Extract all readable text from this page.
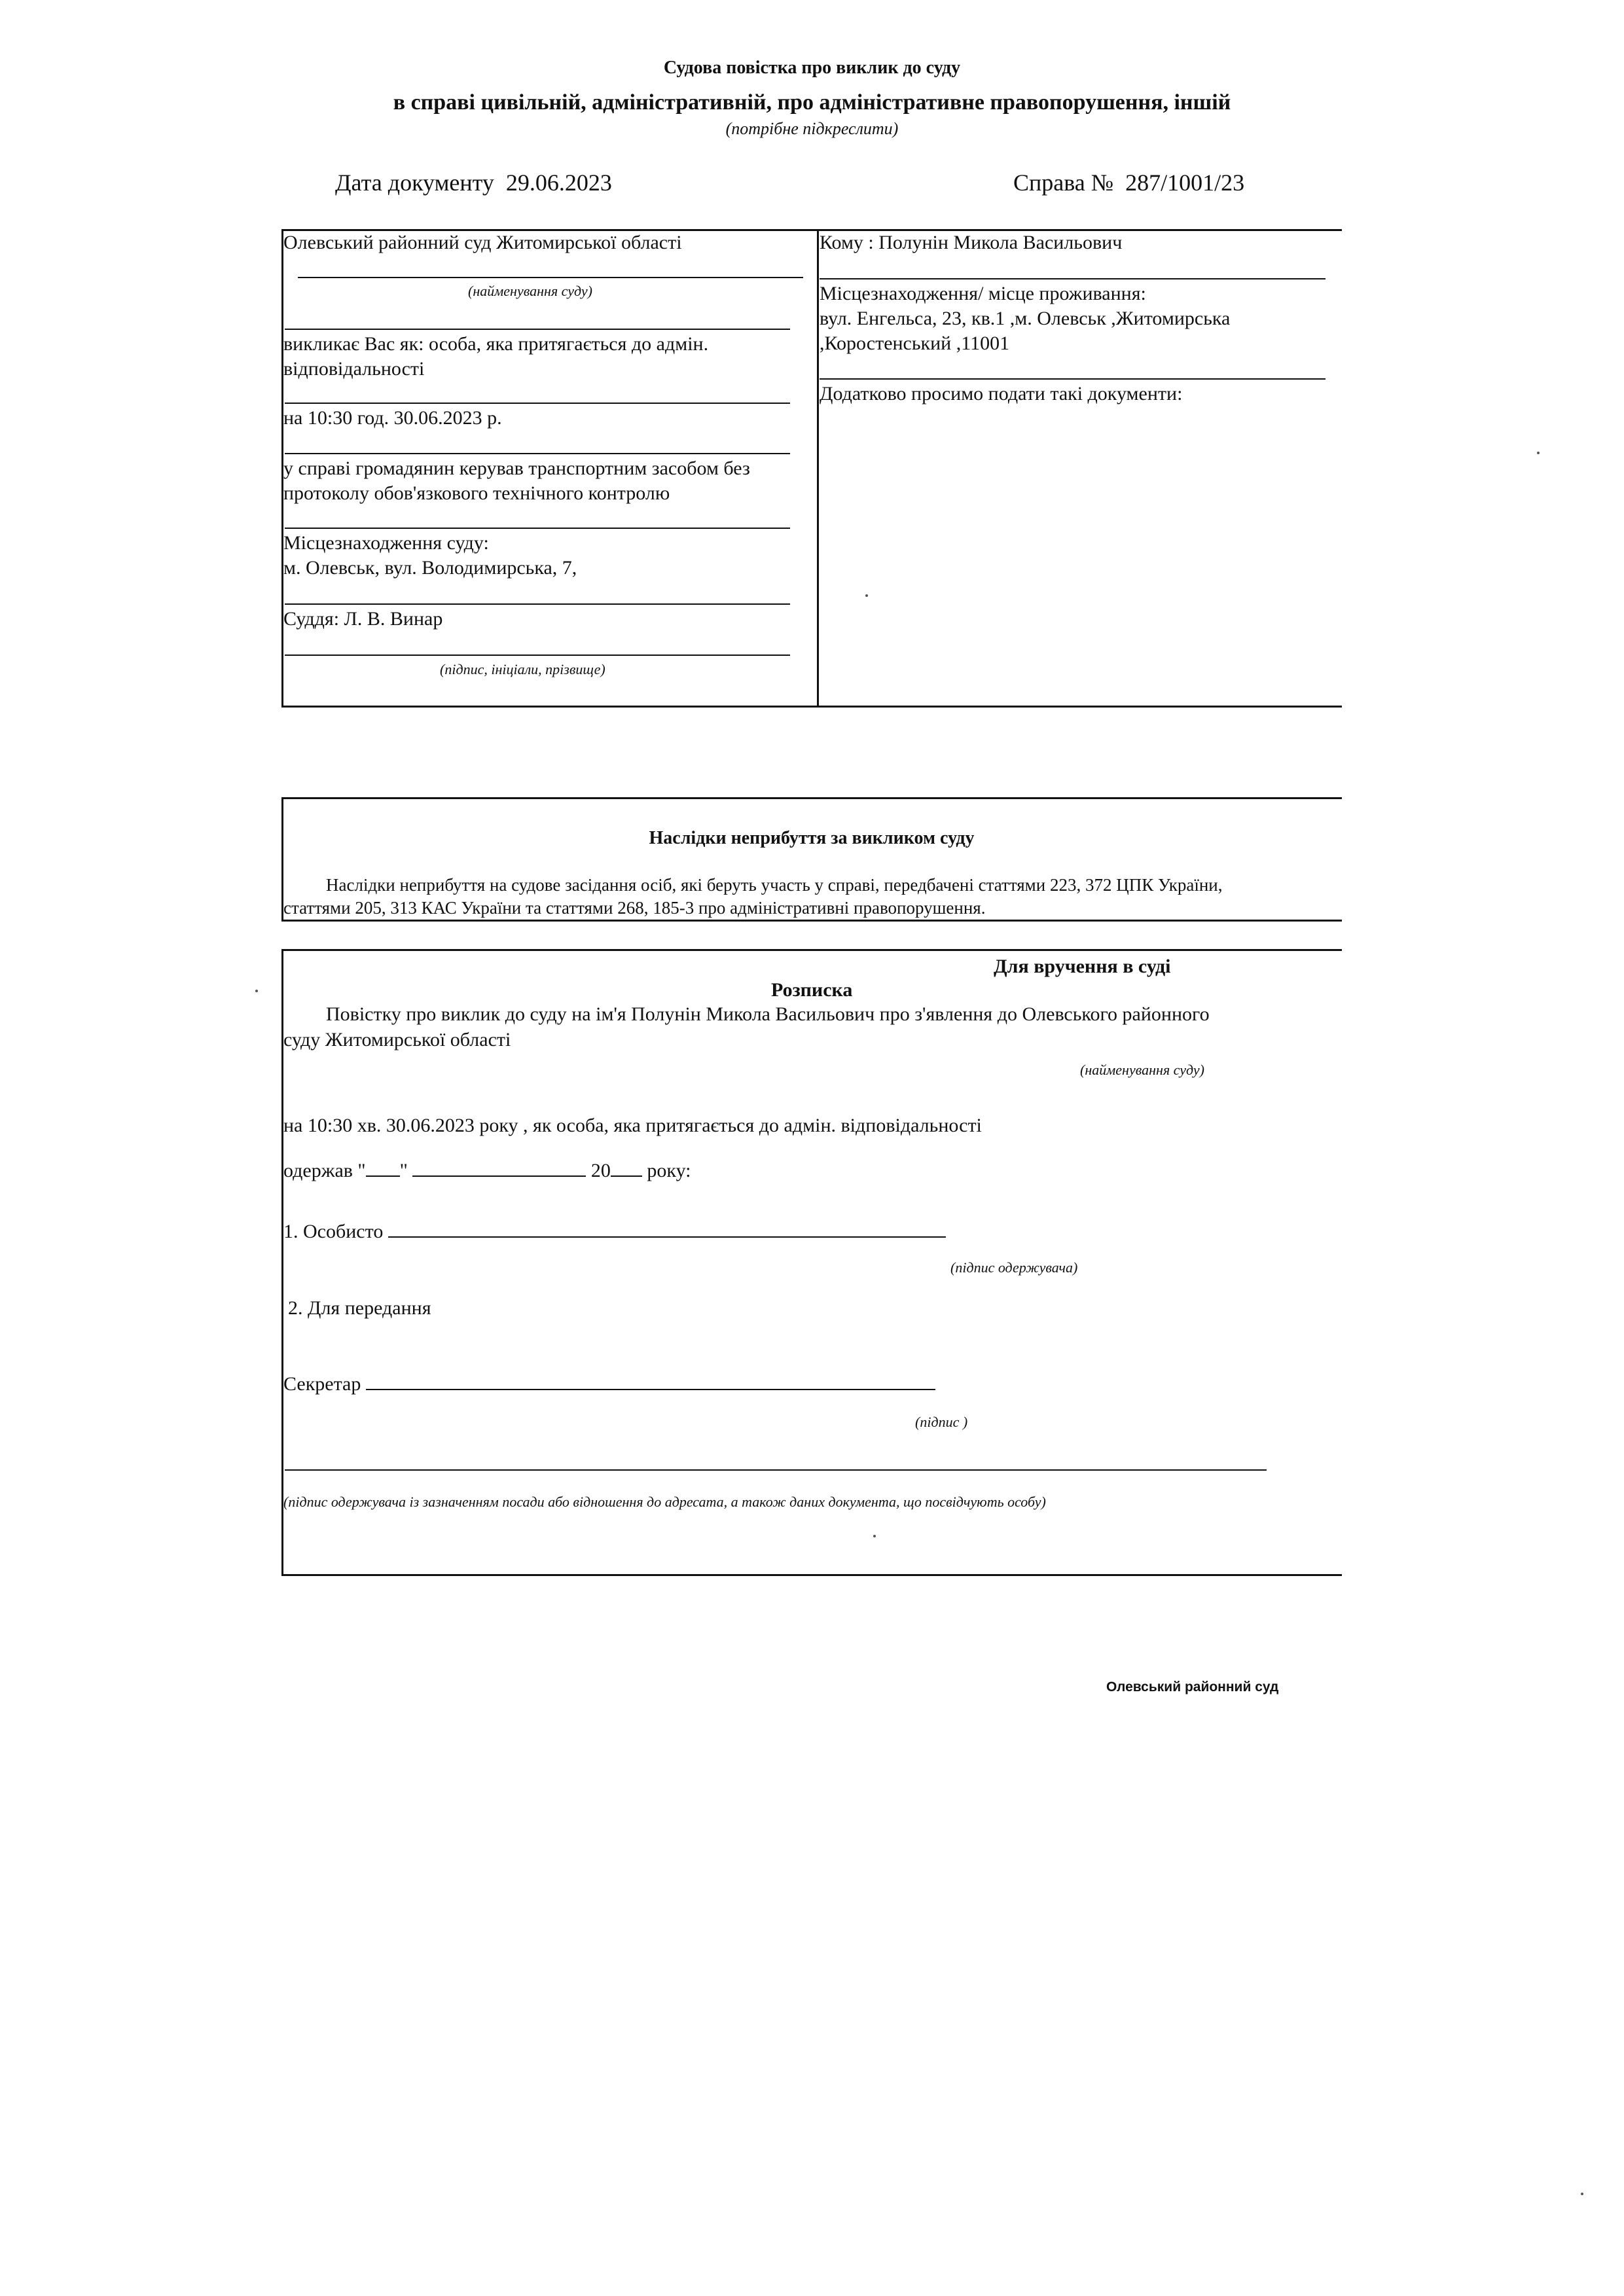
Судова повістка про виклик до суду
в справі цивільній, адміністративній, про адміністративне правопорушення, іншій
(потрібне підкреслити)
Дата документу 29.06.2023	Справа № 287/1001/23
Олевський районний суд Житомирської області
(найменування суду)
викликає Вас як: особа, яка притягається до адмін.
відповідальності
на 10:30 год. 30.06.2023 р.
у справі громадянин керував транспортним засобом без
протоколу обов'язкового технічного контролю
Місцезнаходження суду:
м. Олевськ, вул. Володимирська, 7,
Суддя: Л. В. Винар
(підпис, ініціали, прізвище)
Кому : Полунін Микола Васильович
Місцезнаходження/ місце проживання:
вул. Енгельса, 23, кв.1 ,м. Олевськ ,Житомирська
,Коростенський ,11001
Додатково просимо подати такі документи:
Наслідки неприбуття за викликом суду
Наслідки неприбуття на судове засідання осіб, які беруть участь у справі, передбачені статтями 223, 372 ЦПК України,
статтями 205, 313 КАС України та статтями 268, 185-3 про адміністративні правопорушення.
Для вручення в суді
Розписка
Повістку про виклик до суду на ім'я Полунін Микола Васильович про з'явлення до Олевського районного
суду Житомирської області
(найменування суду)
на 10:30 хв. 30.06.2023 року , як особа, яка притягається до адмін. відповідальності
одержав " "	20 року:
1. Особисто
(підпис одержувача)
2. Для передання
Секретар
(підпис )
(підпис одержувача із зазначенням посади або відношення до адресата, а також даних документа, що посвідчують особу)
Олевський районний суд
